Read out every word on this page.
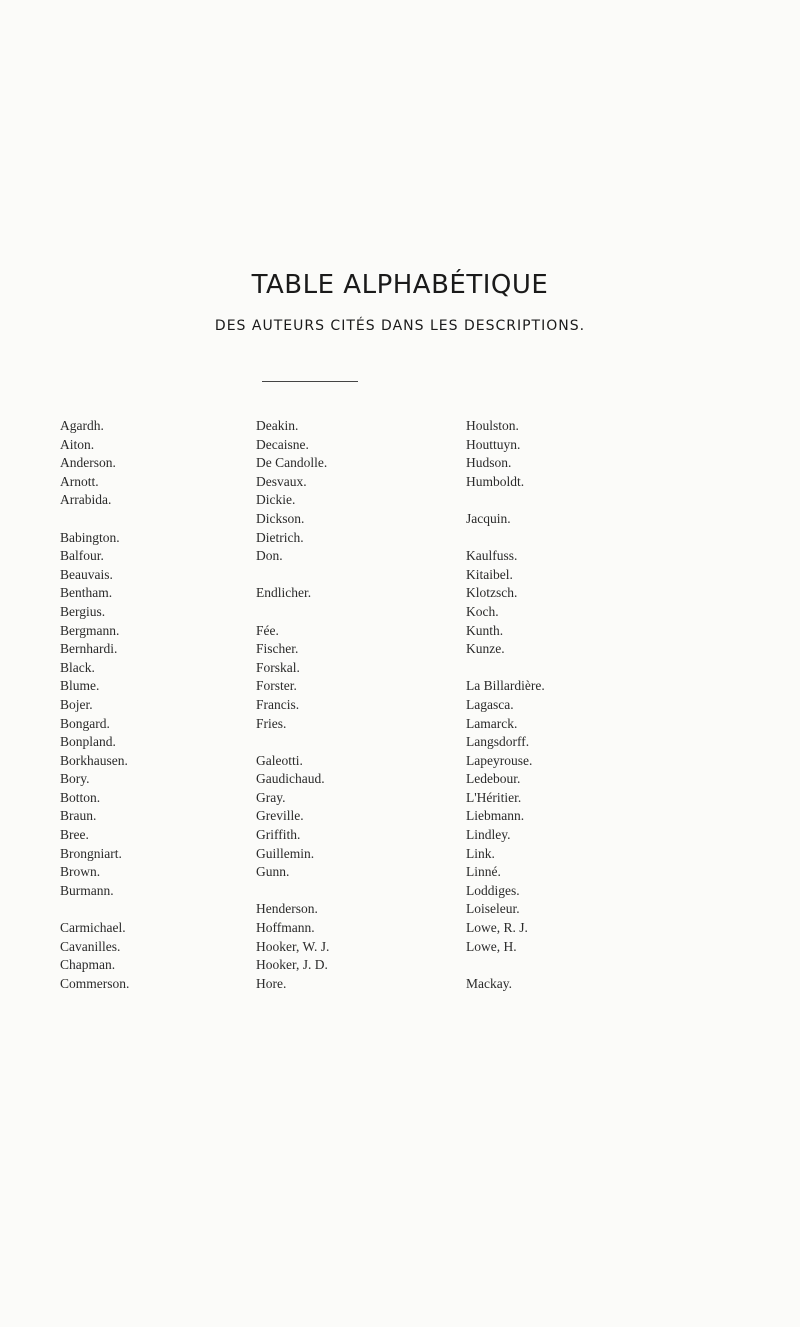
TABLE ALPHABÉTIQUE
DES AUTEURS CITÉS DANS LES DESCRIPTIONS.
Agardh.
Aiton.
Anderson.
Arnott.
Arrabida.
Babington.
Balfour.
Beauvais.
Bentham.
Bergius.
Bergmann.
Bernhardi.
Black.
Blume.
Bojer.
Bongard.
Bonpland.
Borkhausen.
Bory.
Botton.
Braun.
Bree.
Brongniart.
Brown.
Burmann.
Carmichael.
Cavanilles.
Chapman.
Commerson.
Deakin.
Decaisne.
De Candolle.
Desvaux.
Dickie.
Dickson.
Dietrich.
Don.
Endlicher.
Fée.
Fischer.
Forskal.
Forster.
Francis.
Fries.
Galeotti.
Gaudichaud.
Gray.
Greville.
Griffith.
Guillemin.
Gunn.
Henderson.
Hoffmann.
Hooker, W. J.
Hooker, J. D.
Hore.
Houlston.
Houttuyn.
Hudson.
Humboldt.
Jacquin.
Kaulfuss.
Kitaibel.
Klotzsch.
Koch.
Kunth.
Kunze.
La Billardière.
Lagasca.
Lamarck.
Langsdorff.
Lapeyrouse.
Ledebour.
L'Héritier.
Liebmann.
Lindley.
Link.
Linné.
Loddiges.
Loiseleur.
Lowe, R. J.
Lowe, H.
Mackay.
